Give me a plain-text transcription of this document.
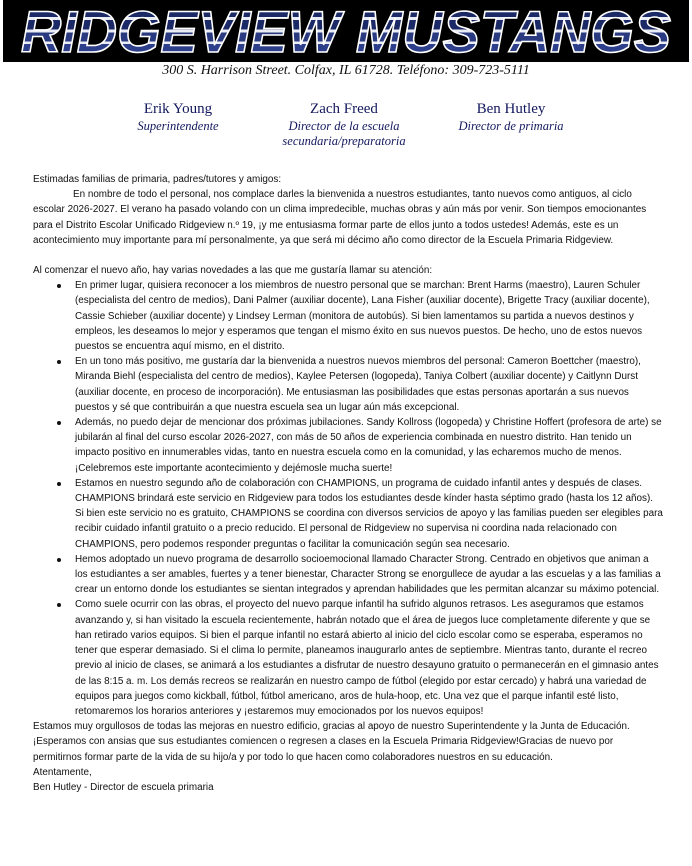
RIDGEVIEW MUSTANGS
300 S. Harrison Street. Colfax, IL 61728. Teléfono: 309-723-5111
Erik Young
Superintendente
Zach Freed
Director de la escuela
secundaria/preparatoria
Ben Hutley
Director de primaria

Estimadas familias de primaria, padres/tutores y amigos:

En nombre de todo el personal, nos complace darles la bienvenida a nuestros estudiantes, tanto nuevos como antiguos, al ciclo escolar 2026-2027. El verano ha pasado volando con un clima impredecible, muchas obras y aún más por venir. Son tiempos emocionantes para el Distrito Escolar Unificado Ridgeview n.º 19, ¡y me entusiasma formar parte de ellos junto a todos ustedes! Además, este es un acontecimiento muy importante para mí personalmente, ya que será mi décimo año como director de la Escuela Primaria Ridgeview.

Al comenzar el nuevo año, hay varias novedades a las que me gustaría llamar su atención:

En primer lugar, quisiera reconocer a los miembros de nuestro personal que se marchan: Brent Harms (maestro), Lauren Schuler (especialista del centro de medios), Dani Palmer (auxiliar docente), Lana Fisher (auxiliar docente), Brigette Tracy (auxiliar docente), Cassie Schieber (auxiliar docente) y Lindsey Lerman (monitora de autobús). Si bien lamentamos su partida a nuevos destinos y empleos, les deseamos lo mejor y esperamos que tengan el mismo éxito en sus nuevos puestos. De hecho, uno de estos nuevos puestos se encuentra aquí mismo, en el distrito.
En un tono más positivo, me gustaría dar la bienvenida a nuestros nuevos miembros del personal: Cameron Boettcher (maestro), Miranda Biehl (especialista del centro de medios), Kaylee Petersen (logopeda), Taniya Colbert (auxiliar docente) y Caitlynn Durst (auxiliar docente, en proceso de incorporación). Me entusiasman las posibilidades que estas personas aportarán a sus nuevos puestos y sé que contribuirán a que nuestra escuela sea un lugar aún más excepcional.
Además, no puedo dejar de mencionar dos próximas jubilaciones. Sandy Kollross (logopeda) y Christine Hoffert (profesora de arte) se jubilarán al final del curso escolar 2026-2027, con más de 50 años de experiencia combinada en nuestro distrito. Han tenido un impacto positivo en innumerables vidas, tanto en nuestra escuela como en la comunidad, y las echaremos mucho de menos. ¡Celebremos este importante acontecimiento y dejémosle mucha suerte!
Estamos en nuestro segundo año de colaboración con CHAMPIONS, un programa de cuidado infantil antes y después de clases. CHAMPIONS brindará este servicio en Ridgeview para todos los estudiantes desde kínder hasta séptimo grado (hasta los 12 años). Si bien este servicio no es gratuito, CHAMPIONS se coordina con diversos servicios de apoyo y las familias pueden ser elegibles para recibir cuidado infantil gratuito o a precio reducido. El personal de Ridgeview no supervisa ni coordina nada relacionado con CHAMPIONS, pero podemos responder preguntas o facilitar la comunicación según sea necesario.
Hemos adoptado un nuevo programa de desarrollo socioemocional llamado Character Strong. Centrado en objetivos que animan a los estudiantes a ser amables, fuertes y a tener bienestar, Character Strong se enorgullece de ayudar a las escuelas y a las familias a crear un entorno donde los estudiantes se sientan integrados y aprendan habilidades que les permitan alcanzar su máximo potencial.
Como suele ocurrir con las obras, el proyecto del nuevo parque infantil ha sufrido algunos retrasos. Les aseguramos que estamos avanzando y, si han visitado la escuela recientemente, habrán notado que el área de juegos luce completamente diferente y que se han retirado varios equipos. Si bien el parque infantil no estará abierto al inicio del ciclo escolar como se esperaba, esperamos no tener que esperar demasiado. Si el clima lo permite, planeamos inaugurarlo antes de septiembre. Mientras tanto, durante el recreo previo al inicio de clases, se animará a los estudiantes a disfrutar de nuestro desayuno gratuito o permanecerán en el gimnasio antes de las 8:15 a. m. Los demás recreos se realizarán en nuestro campo de fútbol (elegido por estar cercado) y habrá una variedad de equipos para juegos como kickball, fútbol, fútbol americano, aros de hula-hoop, etc. Una vez que el parque infantil esté listo, retomaremos los horarios anteriores y ¡estaremos muy emocionados por los nuevos equipos!

Estamos muy orgullosos de todas las mejoras en nuestro edificio, gracias al apoyo de nuestro Superintendente y la Junta de Educación. ¡Esperamos con ansias que sus estudiantes comiencen o regresen a clases en la Escuela Primaria Ridgeview!Gracias de nuevo por permitirnos formar parte de la vida de su hijo/a y por todo lo que hacen como colaboradores nuestros en su educación.

Atentamente,

Ben Hutley - Director de escuela primaria
